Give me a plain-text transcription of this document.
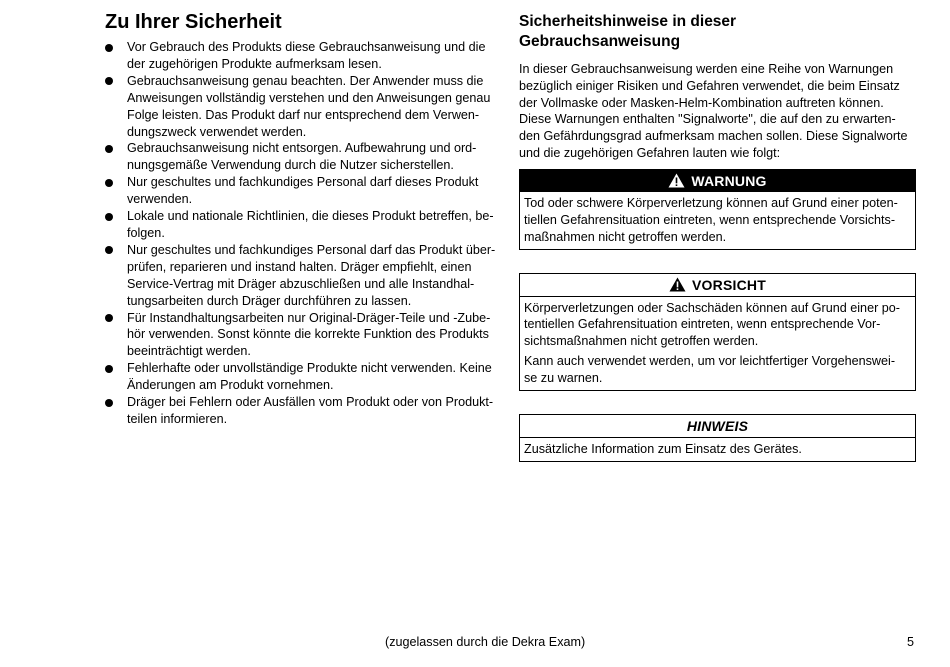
Zu Ihrer Sicherheit
Vor Gebrauch des Produkts diese Gebrauchsanweisung und die
der zugehörigen Produkte aufmerksam lesen.
Gebrauchsanweisung genau beachten. Der Anwender muss die
Anweisungen vollständig verstehen und den Anweisungen genau
Folge leisten. Das Produkt darf nur entsprechend dem Verwen-
dungszweck verwendet werden.
Gebrauchsanweisung nicht entsorgen. Aufbewahrung und ord-
nungsgemäße Verwendung durch die Nutzer sicherstellen.
Nur geschultes und fachkundiges Personal darf dieses Produkt
verwenden.
Lokale und nationale Richtlinien, die dieses Produkt betreffen, be-
folgen.
Nur geschultes und fachkundiges Personal darf das Produkt über-
prüfen, reparieren und instand halten. Dräger empfiehlt, einen
Service-Vertrag mit Dräger abzuschließen und alle Instandhal-
tungsarbeiten durch Dräger durchführen zu lassen.
Für Instandhaltungsarbeiten nur Original-Dräger-Teile und -Zube-
hör verwenden. Sonst könnte die korrekte Funktion des Produkts
beeinträchtigt werden.
Fehlerhafte oder unvollständige Produkte nicht verwenden. Keine
Änderungen am Produkt vornehmen.
Dräger bei Fehlern oder Ausfällen vom Produkt oder von Produkt-
teilen informieren.
Sicherheitshinweise in dieser
Gebrauchsanweisung

In dieser Gebrauchsanweisung werden eine Reihe von Warnungen
bezüglich einiger Risiken und Gefahren verwendet, die beim Einsatz
der Vollmaske oder Masken-Helm-Kombination auftreten können.
Diese Warnungen enthalten "Signalworte", die auf den zu erwarten-
den Gefährdungsgrad aufmerksam machen sollen. Diese Signalworte
und die zugehörigen Gefahren lauten wie folgt:

WARNUNG

Tod oder schwere Körperverletzung können auf Grund einer poten-
tiellen Gefahrensituation eintreten, wenn entsprechende Vorsichts-
maßnahmen nicht getroffen werden.

VORSICHT

Körperverletzungen oder Sachschäden können auf Grund einer po-
tentiellen Gefahrensituation eintreten, wenn entsprechende Vor-
sichtsmaßnahmen nicht getroffen werden.

Kann auch verwendet werden, um vor leichtfertiger Vorgehenswei-
se zu warnen.

HINWEIS

Zusätzliche Information zum Einsatz des Gerätes.

(zugelassen durch die Dekra Exam)	5
